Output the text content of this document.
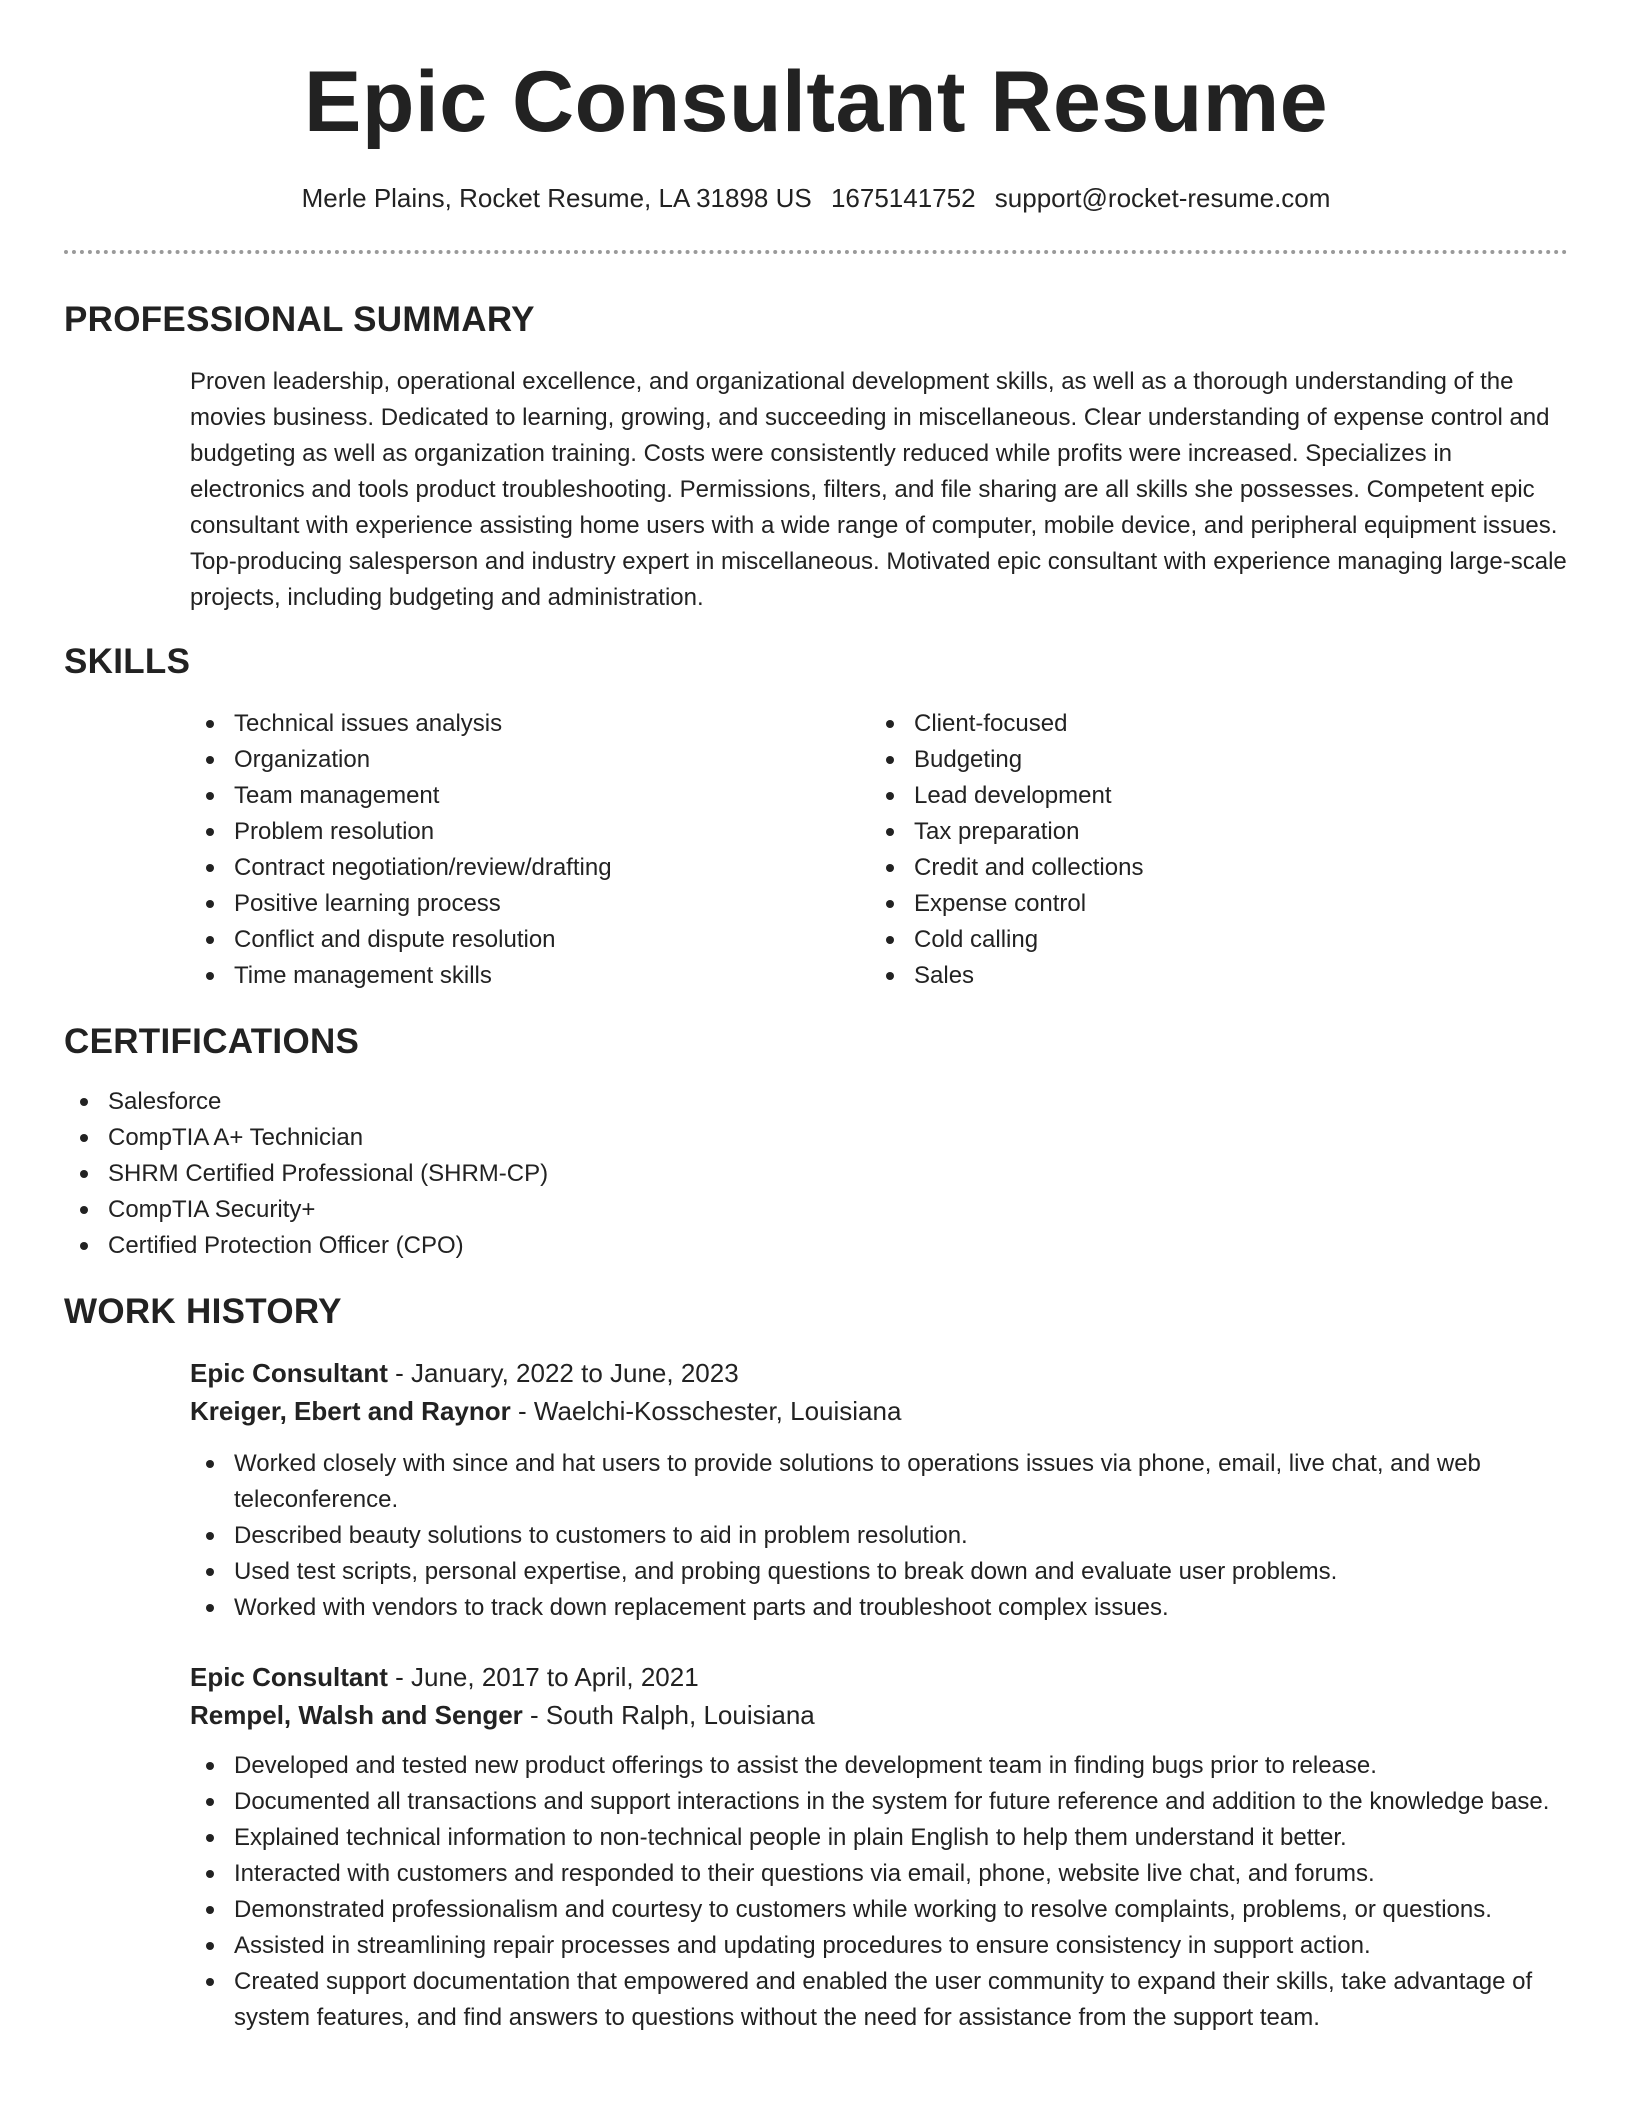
Epic Consultant Resume
Merle Plains, Rocket Resume, LA 31898 US 1675141752 support@rocket-resume.com
PROFESSIONAL SUMMARY

Proven leadership, operational excellence, and organizational development skills, as well as a thorough understanding of the movies business. Dedicated to learning, growing, and succeeding in miscellaneous. Clear understanding of expense control and budgeting as well as organization training. Costs were consistently reduced while profits were increased. Specializes in electronics and tools product troubleshooting. Permissions, filters, and file sharing are all skills she possesses. Competent epic consultant with experience assisting home users with a wide range of computer, mobile device, and peripheral equipment issues. Top-producing salesperson and industry expert in miscellaneous. Motivated epic consultant with experience managing large-scale projects, including budgeting and administration.

SKILLS
Technical issues analysis
Organization
Team management
Problem resolution
Contract negotiation/review/drafting
Positive learning process
Conflict and dispute resolution
Time management skills
Client-focused
Budgeting
Lead development
Tax preparation
Credit and collections
Expense control
Cold calling
Sales
CERTIFICATIONS
Salesforce
CompTIA A+ Technician
SHRM Certified Professional (SHRM-CP)
CompTIA Security+
Certified Protection Officer (CPO)
WORK HISTORY
Epic Consultant - January, 2022 to June, 2023
Kreiger, Ebert and Raynor - Waelchi-Kosschester, Louisiana
Worked closely with since and hat users to provide solutions to operations issues via phone, email, live chat, and web teleconference.
Described beauty solutions to customers to aid in problem resolution.
Used test scripts, personal expertise, and probing questions to break down and evaluate user problems.
Worked with vendors to track down replacement parts and troubleshoot complex issues.
Epic Consultant - June, 2017 to April, 2021
Rempel, Walsh and Senger - South Ralph, Louisiana
Developed and tested new product offerings to assist the development team in finding bugs prior to release.
Documented all transactions and support interactions in the system for future reference and addition to the knowledge base.
Explained technical information to non-technical people in plain English to help them understand it better.
Interacted with customers and responded to their questions via email, phone, website live chat, and forums.
Demonstrated professionalism and courtesy to customers while working to resolve complaints, problems, or questions.
Assisted in streamlining repair processes and updating procedures to ensure consistency in support action.
Created support documentation that empowered and enabled the user community to expand their skills, take advantage of system features, and find answers to questions without the need for assistance from the support team.
